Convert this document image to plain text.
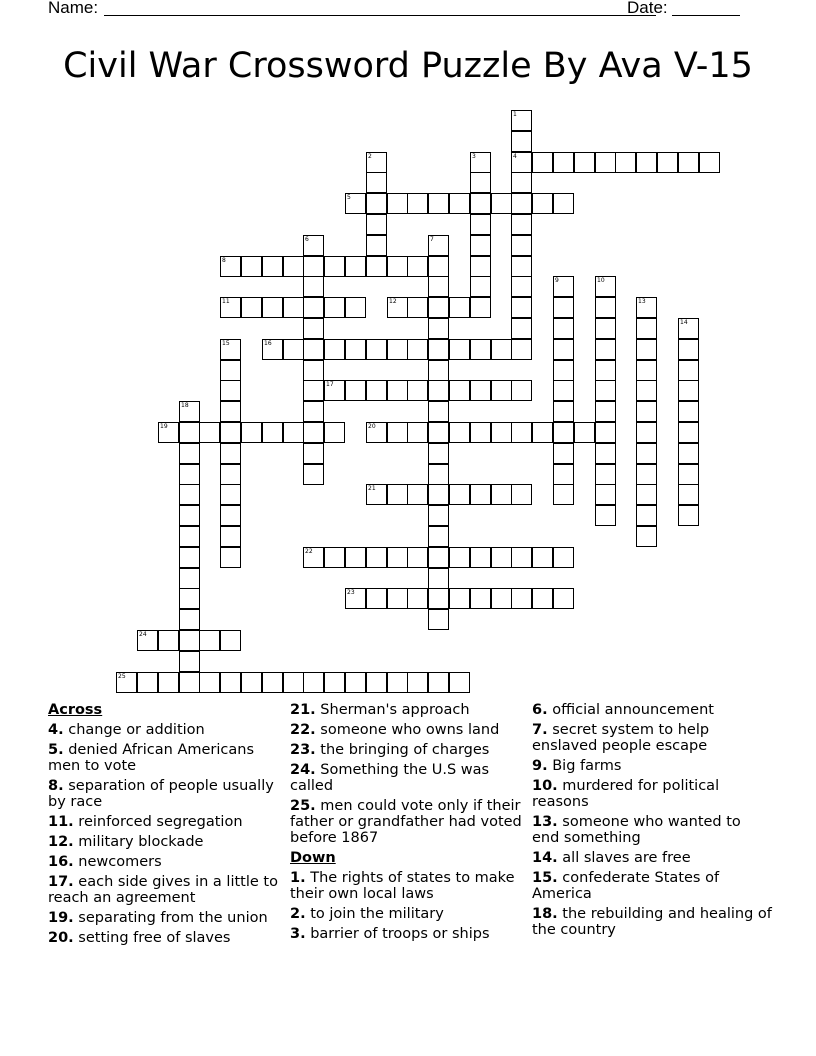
Name:	Date:
Civil War Crossword Puzzle By Ava V-15
1
4
2	3
5
6	7
8
9	10
11	12	13
14
15	16
17
18
19	20
21
22
23
24
25
Across
4. change or addition
5. denied African Americans men to vote
8. separation of people usually by race
11. reinforced segregation
12. military blockade
16. newcomers
17. each side gives in a little to reach an agreement
19. separating from the union
20. setting free of slaves
21. Sherman's approach
22. someone who owns land
23. the bringing of charges
24. Something the U.S was called
25. men could vote only if their father or grandfather had voted before 1867
Down
1. The rights of states to make their own local laws
2. to join the military
3. barrier of troops or ships
6. official announcement
7. secret system to help enslaved people escape
9. Big farms
10. murdered for political reasons
13. someone who wanted to end something
14. all slaves are free
15. confederate States of America
18. the rebuilding and healing of the country
